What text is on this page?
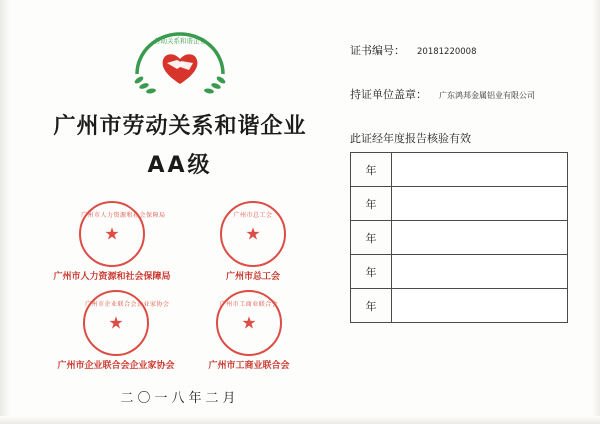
劳动关系和谐企业
广州市劳动关系和谐企业
AA级
广州市人力资源和社会保障局
★
广州市人力资源和社会保障局
广州市总工会
★
广州市总工会
广州市企业联合会企业家协会
★
广州市企业联合会企业家协会
广州市工商业联合会
★
广州市工商业联合会
二〇一八年二月
证书编号： 20181220008
持证单位盖章： 广东鸿邦金属铝业有限公司
此证经年度报告核验有效
年	
年	
年	
年	
年	
